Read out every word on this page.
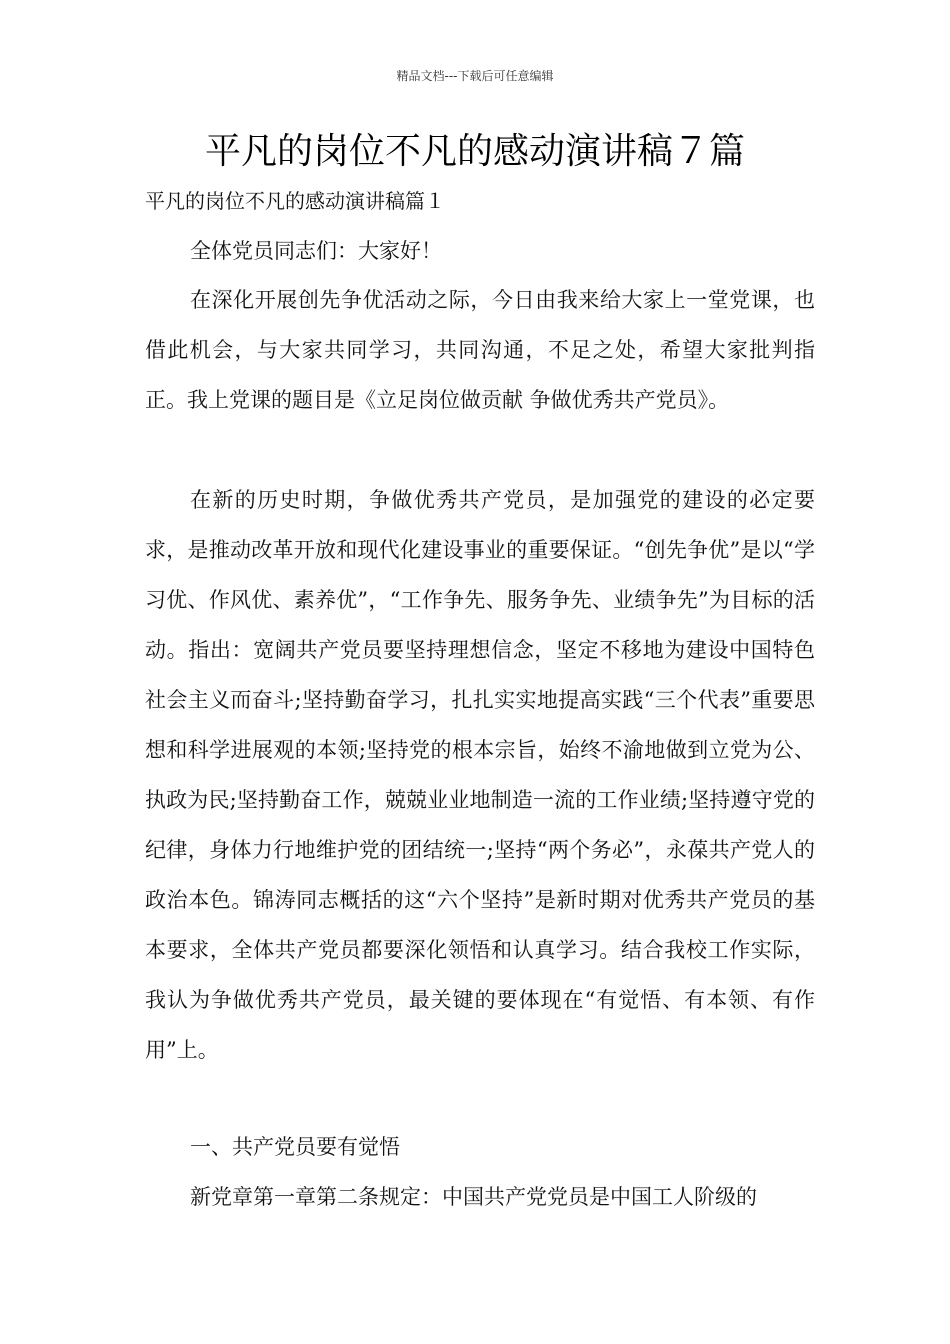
精品文档---下载后可任意编辑
平凡的岗位不凡的感动演讲稿７篇

平凡的岗位不凡的感动演讲稿篇１

全体党员同志们：大家好！

在深化开展创先争优活动之际，今日由我来给大家上一堂党课，也借此机会，与大家共同学习，共同沟通，不足之处，希望大家批判指正。我上党课的题目是《立足岗位做贡献 争做优秀共产党员》。

在新的历史时期，争做优秀共产党员，是加强党的建设的必定要求，是推动改革开放和现代化建设事业的重要保证。“创先争优”是以“学习优、作风优、素养优”，“工作争先、服务争先、业绩争先”为目标的活动。指出：宽阔共产党员要坚持理想信念，坚定不移地为建设中国特色社会主义而奋斗;坚持勤奋学习，扎扎实实地提高实践“三个代表”重要思想和科学进展观的本领;坚持党的根本宗旨，始终不渝地做到立党为公、执政为民;坚持勤奋工作，兢兢业业地制造一流的工作业绩;坚持遵守党的纪律，身体力行地维护党的团结统一;坚持“两个务必”，永葆共产党人的政治本色。锦涛同志概括的这“六个坚持”是新时期对优秀共产党员的基本要求，全体共产党员都要深化领悟和认真学习。结合我校工作实际，我认为争做优秀共产党员，最关键的要体现在“有觉悟、有本领、有作用”上。

一、共产党员要有觉悟

新党章第一章第二条规定：中国共产党党员是中国工人阶级的
